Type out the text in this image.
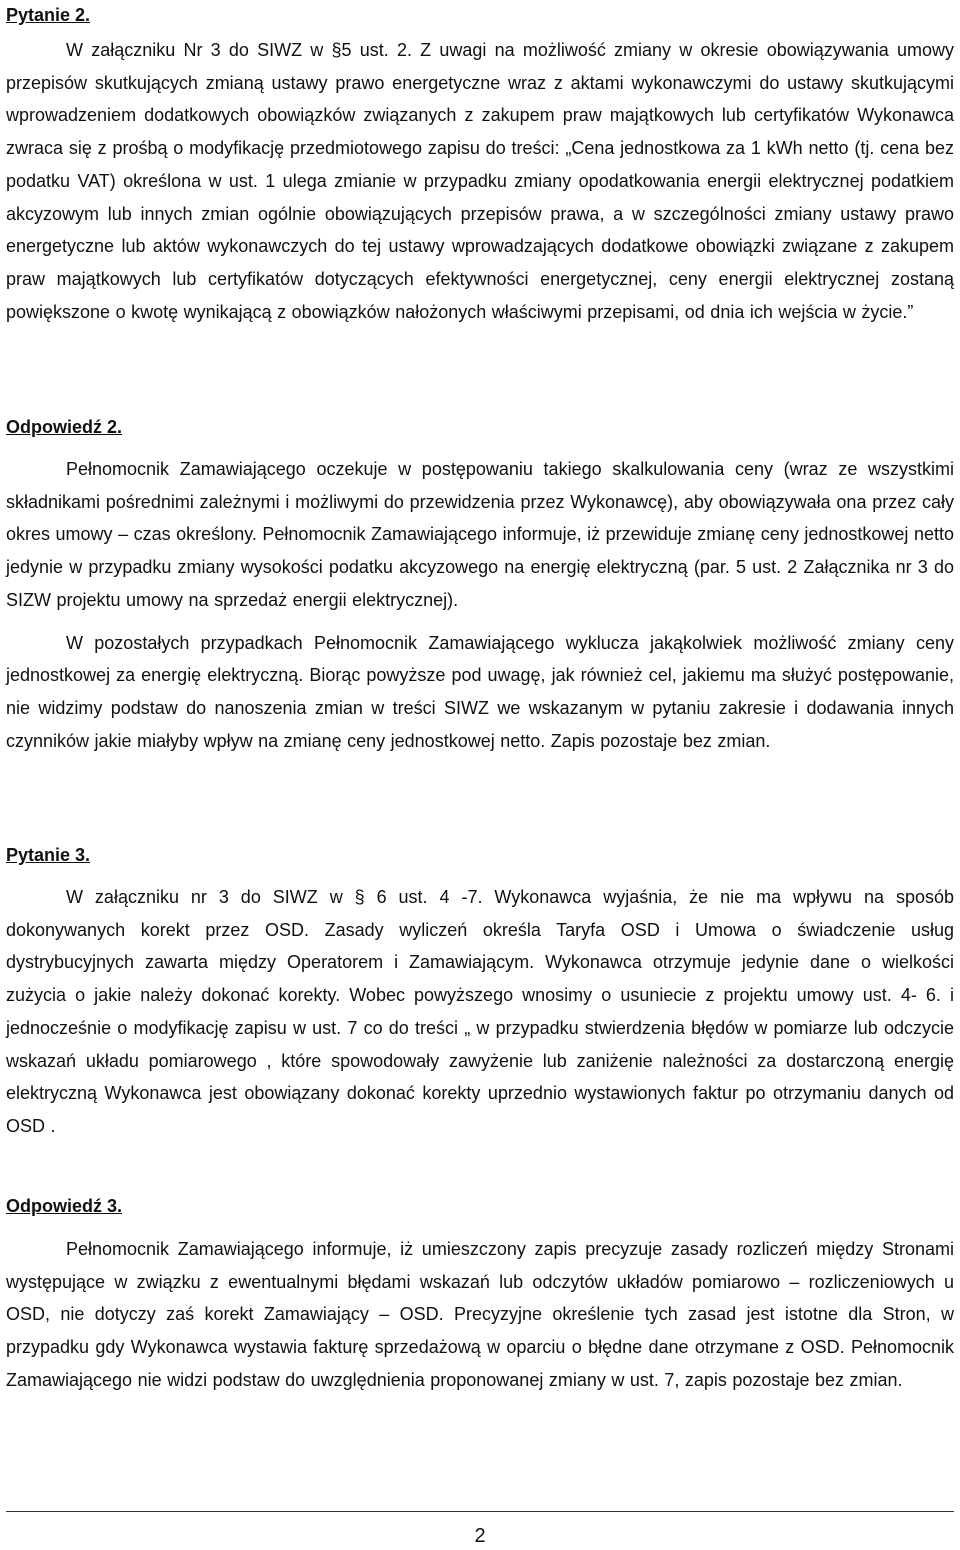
Pytanie 2.

W załączniku Nr 3 do SIWZ w §5 ust. 2. Z uwagi na możliwość zmiany w okresie obowiązywania umowy przepisów skutkujących zmianą ustawy prawo energetyczne wraz z aktami wykonawczymi do ustawy skutkującymi wprowadzeniem dodatkowych obowiązków związanych z zakupem praw majątkowych lub certyfikatów Wykonawca zwraca się z prośbą o modyfikację przedmiotowego zapisu do treści: „Cena jednostkowa za 1 kWh netto (tj. cena bez podatku VAT) określona w ust. 1 ulega zmianie w przypadku zmiany opodatkowania energii elektrycznej podatkiem akcyzowym lub innych zmian ogólnie obowiązujących przepisów prawa, a w szczególności zmiany ustawy prawo energetyczne lub aktów wykonawczych do tej ustawy wprowadzających dodatkowe obowiązki związane z zakupem praw majątkowych lub certyfikatów dotyczących efektywności energetycznej, ceny energii elektrycznej zostaną powiększone o kwotę wynikającą z obowiązków nałożonych właściwymi przepisami, od dnia ich wejścia w życie.”

Odpowiedź 2.

Pełnomocnik Zamawiającego oczekuje w postępowaniu takiego skalkulowania ceny (wraz ze wszystkimi składnikami pośrednimi zależnymi i możliwymi do przewidzenia przez Wykonawcę), aby obowiązywała ona przez cały okres umowy – czas określony. Pełnomocnik Zamawiającego informuje, iż przewiduje zmianę ceny jednostkowej netto jedynie w przypadku zmiany wysokości podatku akcyzowego na energię elektryczną (par. 5 ust. 2 Załącznika nr 3 do SIZW projektu umowy na sprzedaż energii elektrycznej).

W pozostałych przypadkach Pełnomocnik Zamawiającego wyklucza jakąkolwiek możliwość zmiany ceny jednostkowej za energię elektryczną. Biorąc powyższe pod uwagę, jak również cel, jakiemu ma służyć postępowanie, nie widzimy podstaw do nanoszenia zmian w treści SIWZ we wskazanym w pytaniu zakresie i dodawania innych czynników jakie miałyby wpływ na zmianę ceny jednostkowej netto. Zapis pozostaje bez zmian.

Pytanie 3.

W załączniku nr 3 do SIWZ w § 6 ust. 4 -7. Wykonawca wyjaśnia, że nie ma wpływu na sposób dokonywanych korekt przez OSD. Zasady wyliczeń określa Taryfa OSD i Umowa o świadczenie usług dystrybucyjnych zawarta między Operatorem i Zamawiającym. Wykonawca otrzymuje jedynie dane o wielkości zużycia o jakie należy dokonać korekty. Wobec powyższego wnosimy o usuniecie z projektu umowy ust. 4- 6. i jednocześnie o modyfikację zapisu w ust. 7 co do treści „ w przypadku stwierdzenia błędów w pomiarze lub odczycie wskazań układu pomiarowego , które spowodowały zawyżenie lub zaniżenie należności za dostarczoną energię elektryczną Wykonawca jest obowiązany dokonać korekty uprzednio wystawionych faktur po otrzymaniu danych od OSD .

Odpowiedź 3.

Pełnomocnik Zamawiającego informuje, iż umieszczony zapis precyzuje zasady rozliczeń między Stronami występujące w związku z ewentualnymi błędami wskazań lub odczytów układów pomiarowo – rozliczeniowych u OSD, nie dotyczy zaś korekt Zamawiający – OSD. Precyzyjne określenie tych zasad jest istotne dla Stron, w przypadku gdy Wykonawca wystawia fakturę sprzedażową w oparciu o błędne dane otrzymane z OSD. Pełnomocnik Zamawiającego nie widzi podstaw do uwzględnienia proponowanej zmiany w ust. 7, zapis pozostaje bez zmian.

2
